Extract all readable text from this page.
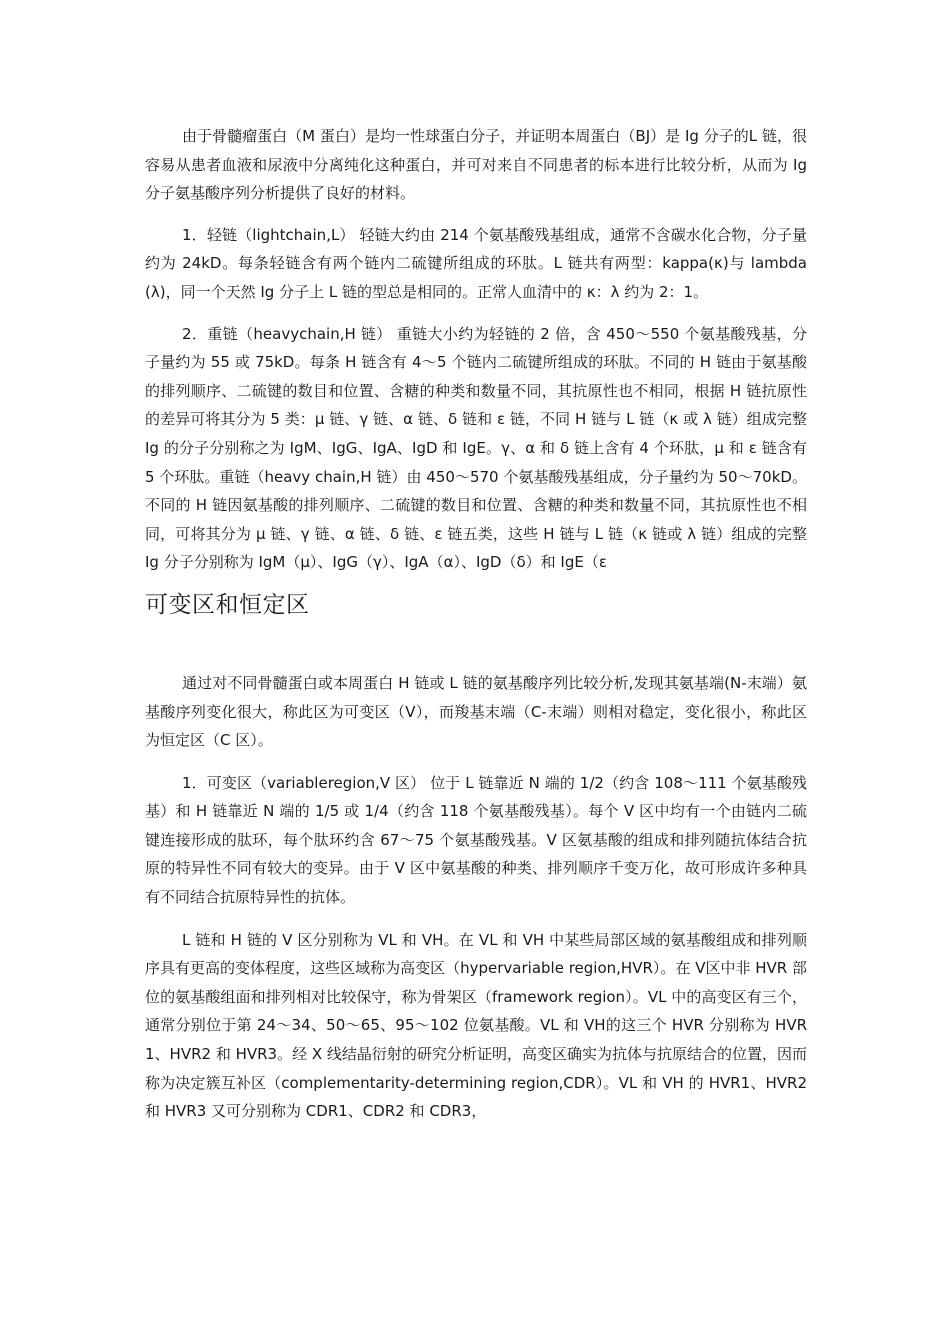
由于骨髓瘤蛋白（M 蛋白）是均一性球蛋白分子，并证明本周蛋白（BJ）是 Ig 分子的L 链，很容易从患者血液和尿液中分离纯化这种蛋白，并可对来自不同患者的标本进行比较分析，从而为 Ig 分子氨基酸序列分析提供了良好的材料。

1．轻链（lightchain,L） 轻链大约由 214 个氨基酸残基组成，通常不含碳水化合物，分子量约为 24kD。每条轻链含有两个链内二硫键所组成的环肽。L 链共有两型：kappa(κ)与 lambda(λ)，同一个天然 Ig 分子上 L 链的型总是相同的。正常人血清中的 κ：λ 约为 2：1。

2．重链（heavychain,H 链） 重链大小约为轻链的 2 倍，含 450～550 个氨基酸残基，分子量约为 55 或 75kD。每条 H 链含有 4～5 个链内二硫键所组成的环肽。不同的 H 链由于氨基酸的排列顺序、二硫键的数目和位置、含糖的种类和数量不同，其抗原性也不相同，根据 H 链抗原性的差异可将其分为 5 类：μ 链、γ 链、α 链、δ 链和 ε 链，不同 H 链与 L 链（κ 或 λ 链）组成完整 Ig 的分子分别称之为 IgM、IgG、IgA、IgD 和 IgE。γ、α 和 δ 链上含有 4 个环肽，μ 和 ε 链含有 5 个环肽。重链（heavy chain,H 链）由 450～570 个氨基酸残基组成，分子量约为 50～70kD。不同的 H 链因氨基酸的排列顺序、二硫键的数目和位置、含糖的种类和数量不同，其抗原性也不相同，可将其分为 μ 链、γ 链、α 链、δ 链、ε 链五类，这些 H 链与 L 链（κ 链或 λ 链）组成的完整 Ig 分子分别称为 IgM（μ）、IgG（γ）、IgA（α）、IgD（δ）和 IgE（ε

可变区和恒定区

通过对不同骨髓蛋白或本周蛋白 H 链或 L 链的氨基酸序列比较分析,发现其氨基端(N-末端）氨基酸序列变化很大，称此区为可变区（V），而羧基末端（C-末端）则相对稳定，变化很小，称此区为恒定区（C 区）。

1．可变区（variableregion,V 区） 位于 L 链靠近 N 端的 1/2（约含 108～111 个氨基酸残基）和 H 链靠近 N 端的 1/5 或 1/4（约含 118 个氨基酸残基）。每个 V 区中均有一个由链内二硫键连接形成的肽环，每个肽环约含 67～75 个氨基酸残基。V 区氨基酸的组成和排列随抗体结合抗原的特异性不同有较大的变异。由于 V 区中氨基酸的种类、排列顺序千变万化，故可形成许多种具有不同结合抗原特异性的抗体。

L 链和 H 链的 V 区分别称为 VL 和 VH。在 VL 和 VH 中某些局部区域的氨基酸组成和排列顺序具有更高的变体程度，这些区域称为高变区（hypervariable region,HVR）。在 V区中非 HVR 部位的氨基酸组面和排列相对比较保守，称为骨架区（framework region）。VL 中的高变区有三个，通常分别位于第 24～34、50～65、95～102 位氨基酸。VL 和 VH的这三个 HVR 分别称为 HVR1、HVR2 和 HVR3。经 X 线结晶衍射的研究分析证明，高变区确实为抗体与抗原结合的位置，因而称为决定簇互补区（complementarity-determining region,CDR）。VL 和 VH 的 HVR1、HVR2 和 HVR3 又可分别称为 CDR1、CDR2 和 CDR3，
